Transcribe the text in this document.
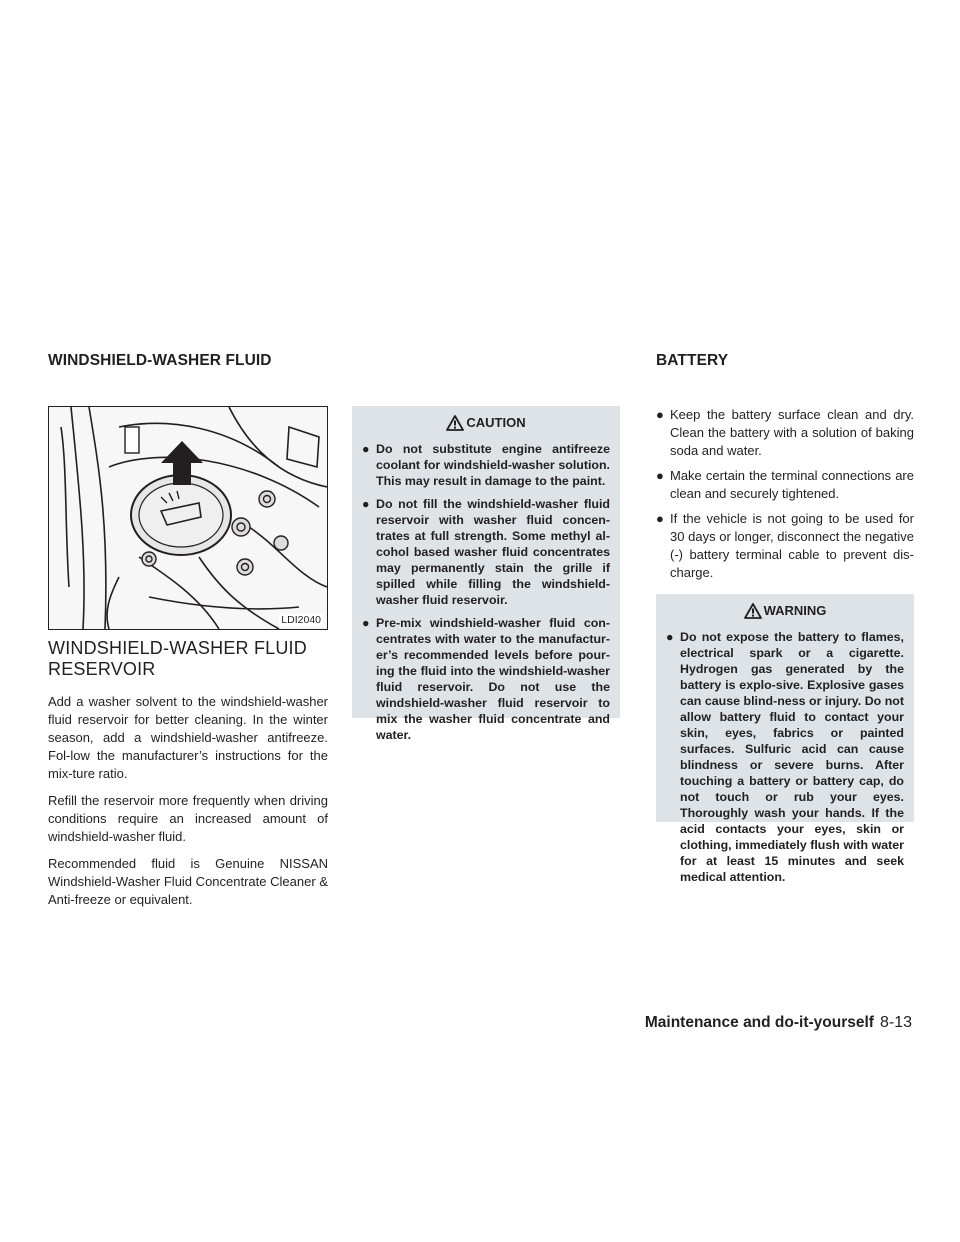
WINDSHIELD-WASHER FLUID	BATTERY
LDI2040
WINDSHIELD-WASHER FLUID
RESERVOIR

Add a washer solvent to the windshield-washer fluid reservoir for better cleaning. In the winter season, add a windshield-washer antifreeze. Fol-low the manufacturer’s instructions for the mix-ture ratio.

Refill the reservoir more frequently when driving conditions require an increased amount of windshield-washer fluid.

Recommended fluid is Genuine NISSAN Windshield-Washer Fluid Concentrate Cleaner & Anti-freeze or equivalent.

CAUTION
● Do not substitute engine antifreeze coolant for windshield-washer solution. This may result in damage to the paint.
● Do not fill the windshield-washer fluid reservoir with washer fluid concen-trates at full strength. Some methyl al-cohol based washer fluid concentrates may permanently stain the grille if spilled while filling the windshield-washer fluid reservoir.
● Pre-mix windshield-washer fluid con-centrates with water to the manufactur-er’s recommended levels before pour-ing the fluid into the windshield-washer fluid reservoir. Do not use the windshield-washer fluid reservoir to mix the washer fluid concentrate and water.
● Keep the battery surface clean and dry. Clean the battery with a solution of baking soda and water.
● Make certain the terminal connections are clean and securely tightened.
● If the vehicle is not going to be used for 30 days or longer, disconnect the negative (-) battery terminal cable to prevent dis-charge.
WARNING
● Do not expose the battery to flames, electrical spark or a cigarette. Hydrogen gas generated by the battery is explo-sive. Explosive gases can cause blind-ness or injury. Do not allow battery fluid to contact your skin, eyes, fabrics or painted surfaces. Sulfuric acid can cause blindness or severe burns. After touching a battery or battery cap, do not touch or rub your eyes. Thoroughly wash your hands. If the acid contacts your eyes, skin or clothing, immediately flush with water for at least 15 minutes and seek medical attention.
Maintenance and do-it-yourself 8-13
